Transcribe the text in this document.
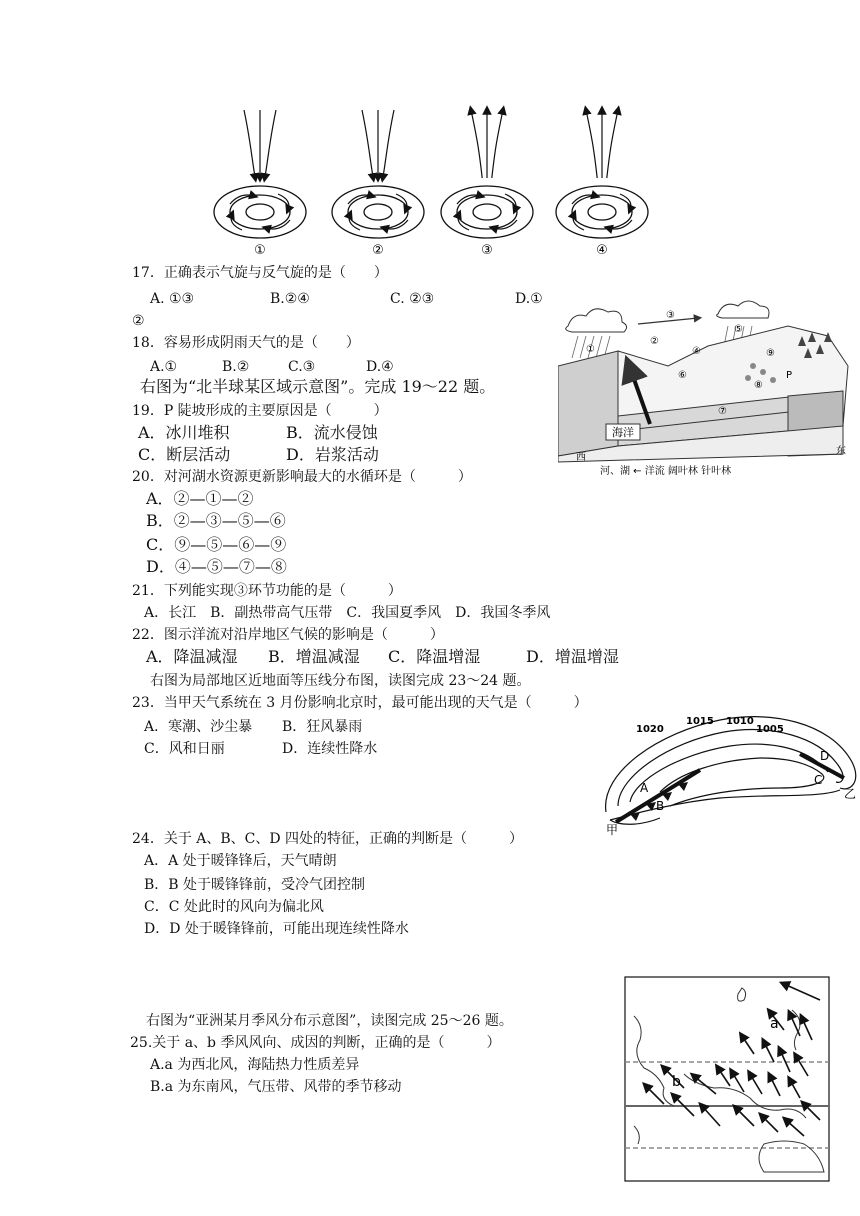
①	②	③	④
17．正确表示气旋与反气旋的是（　　）
A. ①③	B.②④	C. ②③	D.①
②
18．容易形成阴雨天气的是（　　）
A.①	B.②	C.③	D.④
右图为“北半球某区域示意图”。完成 19～22 题。
19．P 陡坡形成的主要原因是（　　　）
A．冰川堆积	B．流水侵蚀
C．断层活动	D．岩浆活动
20．对河湖水资源更新影响最大的水循环是（　　　）
A．②—①—②
B．②—③—⑤—⑥
C．⑨—⑤—⑥—⑨
D．④—⑤—⑦—⑧
21．下列能实现③环节功能的是（　　　）
A．长江　B．副热带高气压带　C．我国夏季风　D．我国冬季风
22．图示洋流对沿岸地区气候的影响是（　　　）
A．降温减湿 B．增温减湿 C．降温增湿	D．增温增湿
右图为局部地区近地面等压线分布图，读图完成 23～24 题。
23．当甲天气系统在 3 月份影响北京时，最可能出现的天气是（　　　）
A．寒潮、沙尘暴 B．狂风暴雨
C．风和日丽	D．连续性降水
24．关于 A、B、C、D 四处的特征，正确的判断是（　　　）
A．A 处于暖锋锋后，天气晴朗
B．B 处于暖锋锋前，受冷气团控制
C．C 处此时的风向为偏北风
D．D 处于暖锋锋前，可能出现连续性降水
右图为“亚洲某月季风分布示意图”，读图完成 25～26 题。
25.关于 a、b 季风风向、成因的判断，正确的是（　　　）
A.a 为西北风，海陆热力性质差异
B.a 为东南风，气压带、风带的季节移动
海洋
①
②
③
④
⑤
⑥
⑦
⑧
⑨
P
西
东
河、湖 ← 洋流 阔叶林 针叶林
1020
1015 1010
1005
A
B
C
D
甲
乙
a
b
